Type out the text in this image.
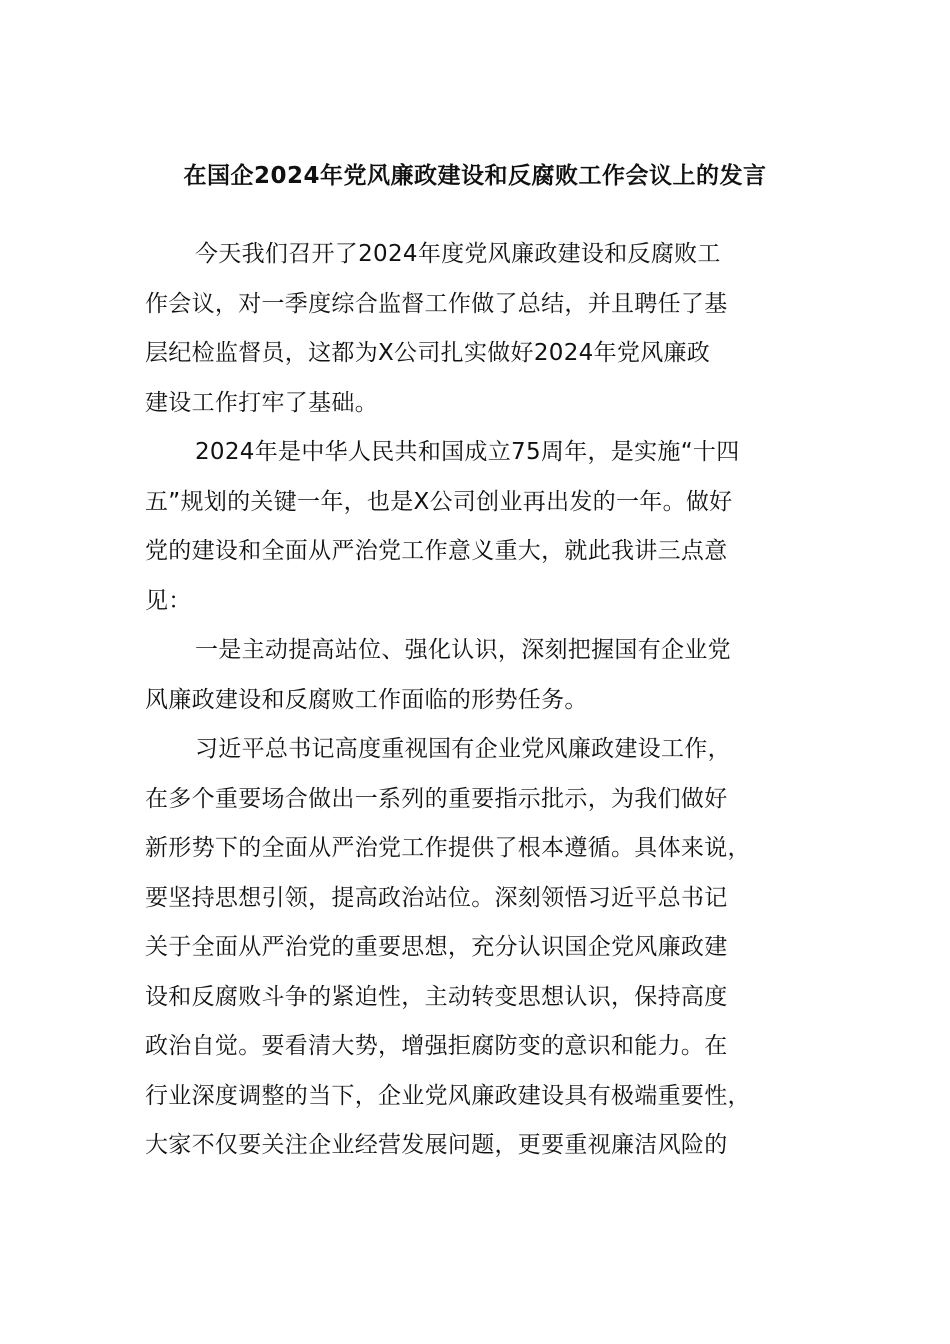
在国企2024年党风廉政建设和反腐败工作会议上的发言

今天我们召开了2024年度党风廉政建设和反腐败工
作会议，对一季度综合监督工作做了总结，并且聘任了基
层纪检监督员，这都为X公司扎实做好2024年党风廉政
建设工作打牢了基础。

2024年是中华人民共和国成立75周年，是实施“十四
五”规划的关键一年，也是X公司创业再出发的一年。做好
党的建设和全面从严治党工作意义重大，就此我讲三点意
见：

一是主动提高站位、强化认识，深刻把握国有企业党
风廉政建设和反腐败工作面临的形势任务。

习近平总书记高度重视国有企业党风廉政建设工作，
在多个重要场合做出一系列的重要指示批示，为我们做好
新形势下的全面从严治党工作提供了根本遵循。具体来说，
要坚持思想引领，提高政治站位。深刻领悟习近平总书记
关于全面从严治党的重要思想，充分认识国企党风廉政建
设和反腐败斗争的紧迫性，主动转变思想认识，保持高度
政治自觉。要看清大势，增强拒腐防变的意识和能力。在
行业深度调整的当下，企业党风廉政建设具有极端重要性，
大家不仅要关注企业经营发展问题，更要重视廉洁风险的
